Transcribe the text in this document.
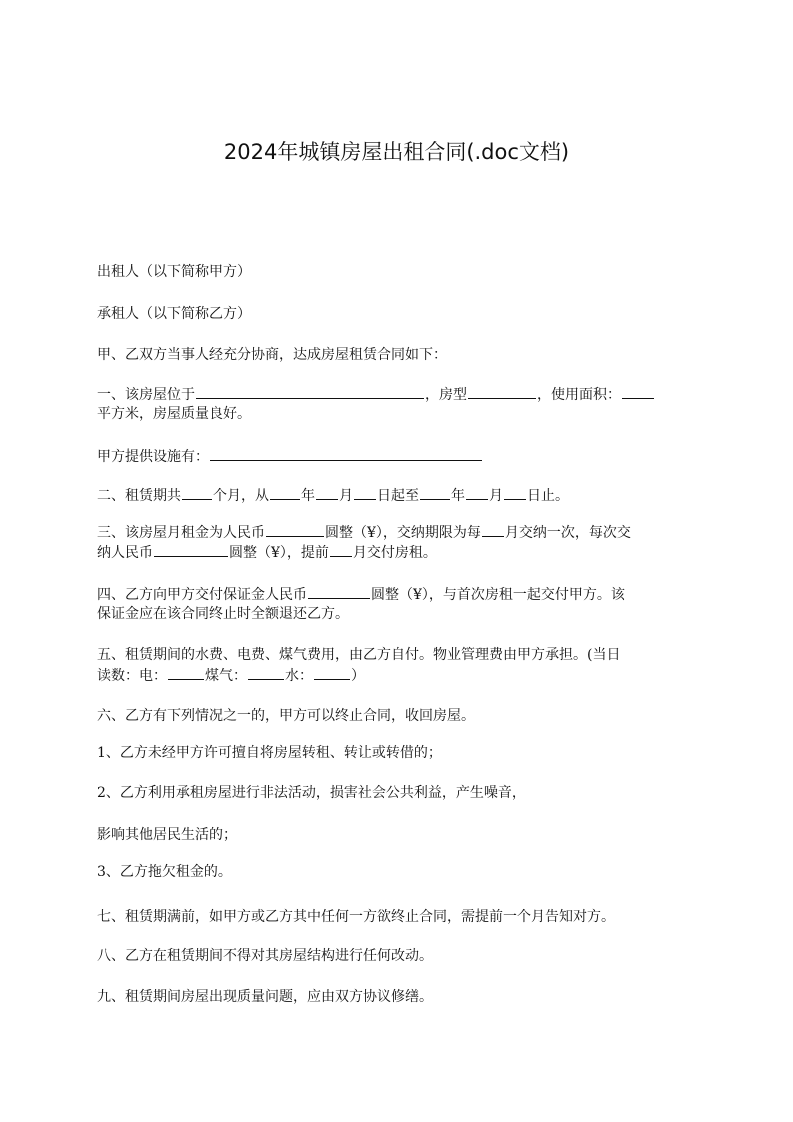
2024年城镇房屋出租合同(.doc文档)
出租人（以下简称甲方）
承租人（以下简称乙方）
甲、乙双方当事人经充分协商，达成房屋租赁合同如下：
一、该房屋位于	，房型	，使用面积：
平方米，房屋质量良好。
甲方提供设施有：
二、租赁期共 个月，从 年 月 日起至 年 月 日止。
三、该房屋月租金为人民币	圆整（¥），交纳期限为每 月交纳一次，每次交
纳人民币	圆整（¥），提前 月交付房租。
四、乙方向甲方交付保证金人民币	圆整（¥），与首次房租一起交付甲方。该
保证金应在该合同终止时全额退还乙方。
五、租赁期间的水费、电费、煤气费用，由乙方自付。物业管理费由甲方承担。(当日
读数：电：	煤气：	水：	）
六、乙方有下列情况之一的，甲方可以终止合同，收回房屋。
1、乙方未经甲方许可擅自将房屋转租、转让或转借的；
2、乙方利用承租房屋进行非法活动，损害社会公共利益，产生噪音，
影响其他居民生活的；
3、乙方拖欠租金的。
七、租赁期满前，如甲方或乙方其中任何一方欲终止合同，需提前一个月告知对方。
八、乙方在租赁期间不得对其房屋结构进行任何改动。
九、租赁期间房屋出现质量问题，应由双方协议修缮。
